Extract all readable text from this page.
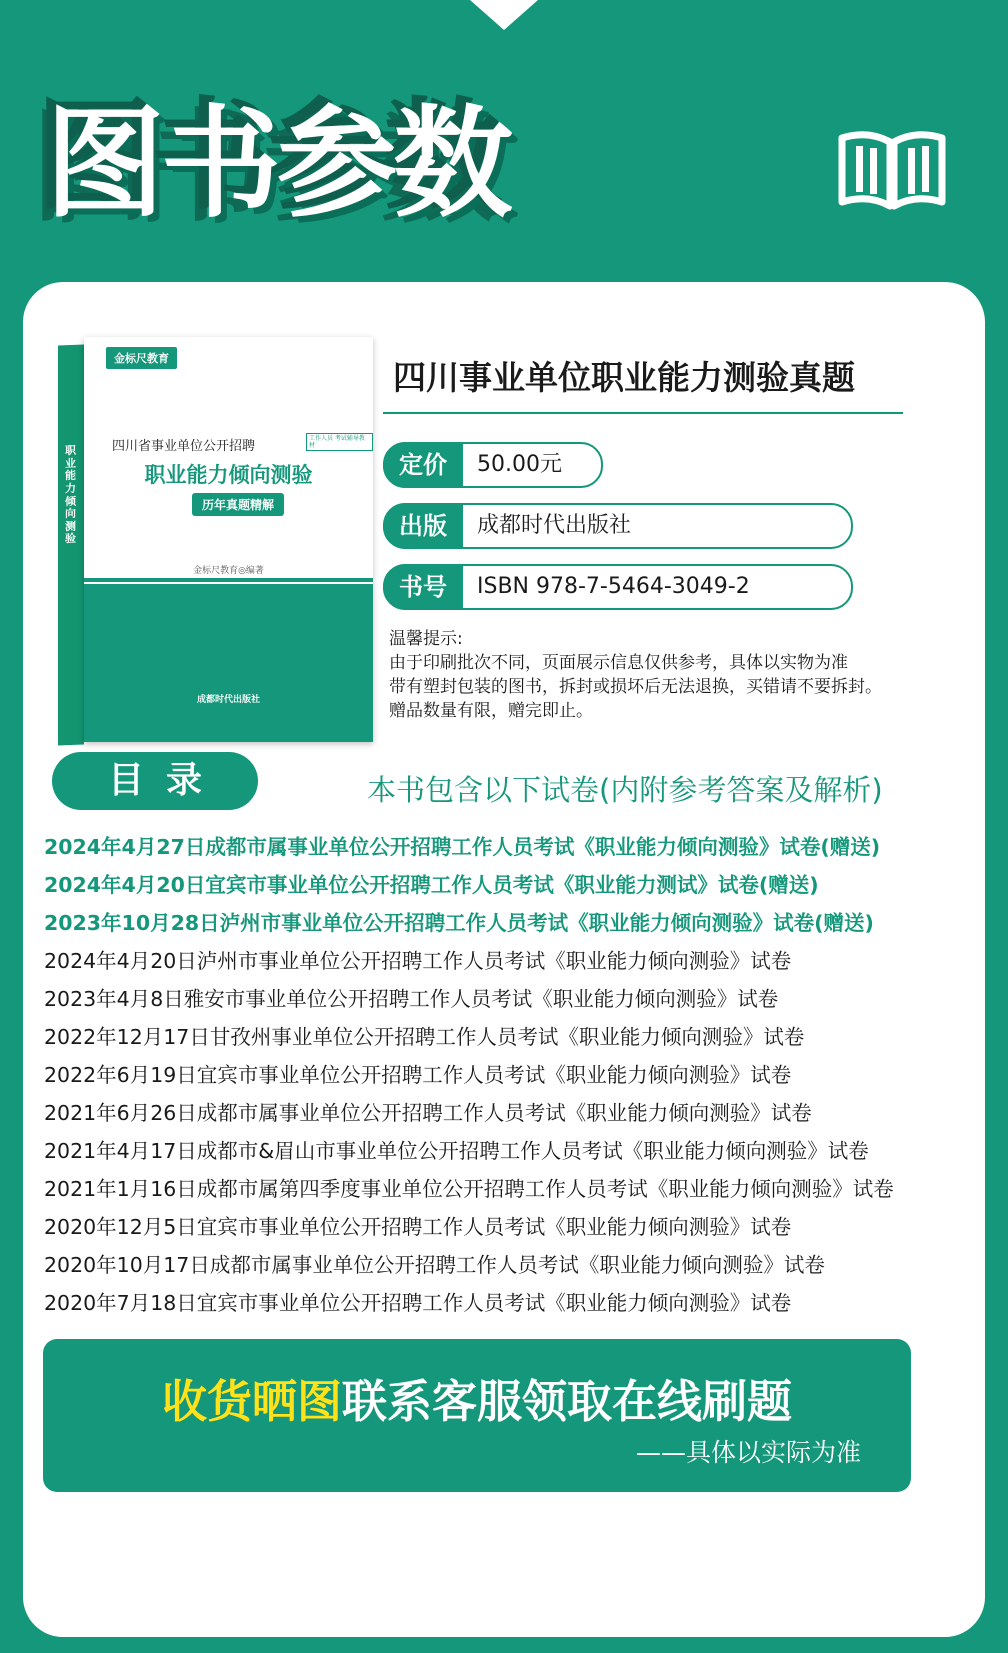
图书参数
职业能力倾向测验
金标尺教育
四川省事业单位公开招聘
工作人员 考试辅导教材
职业能力倾向测验
历年真题精解
金标尺教育◎编著
成都时代出版社
四川事业单位职业能力测验真题
定价	50.00元
出版	成都时代出版社
书号	ISBN 978-7-5464-3049-2
温馨提示:
由于印刷批次不同，页面展示信息仅供参考，具体以实物为准
带有塑封包装的图书，拆封或损坏后无法退换，买错请不要拆封。
赠品数量有限，赠完即止。
目录	本书包含以下试卷(内附参考答案及解析)
2024年4月27日成都市属事业单位公开招聘工作人员考试《职业能力倾向测验》试卷(赠送)
2024年4月20日宜宾市事业单位公开招聘工作人员考试《职业能力测试》试卷(赠送)
2023年10月28日泸州市事业单位公开招聘工作人员考试《职业能力倾向测验》试卷(赠送)
2024年4月20日泸州市事业单位公开招聘工作人员考试《职业能力倾向测验》试卷
2023年4月8日雅安市事业单位公开招聘工作人员考试《职业能力倾向测验》试卷
2022年12月17日甘孜州事业单位公开招聘工作人员考试《职业能力倾向测验》试卷
2022年6月19日宜宾市事业单位公开招聘工作人员考试《职业能力倾向测验》试卷
2021年6月26日成都市属事业单位公开招聘工作人员考试《职业能力倾向测验》试卷
2021年4月17日成都市&眉山市事业单位公开招聘工作人员考试《职业能力倾向测验》试卷
2021年1月16日成都市属第四季度事业单位公开招聘工作人员考试《职业能力倾向测验》试卷
2020年12月5日宜宾市事业单位公开招聘工作人员考试《职业能力倾向测验》试卷
2020年10月17日成都市属事业单位公开招聘工作人员考试《职业能力倾向测验》试卷
2020年7月18日宜宾市事业单位公开招聘工作人员考试《职业能力倾向测验》试卷
收货晒图联系客服领取在线刷题
——具体以实际为准
